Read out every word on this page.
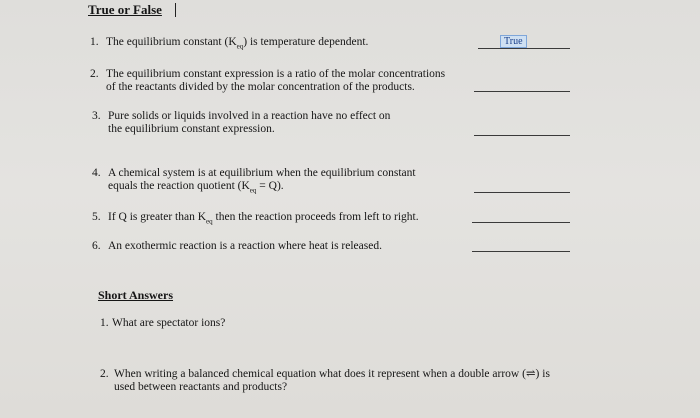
True or False
1. The equilibrium constant $(K_{eq})$ is temperature dependent.	True
2. The equilibrium constant expression is a ratio of the molar concentrations
of the reactants divided by the molar concentration of the products.
3. Pure solids or liquids involved in a reaction have no effect on
the equilibrium constant expression.
4. A chemical system is at equilibrium when the equilibrium constant
equals the reaction quotient $(K_{eq} = Q)$.
5. If Q is greater than $K_{eq}$ then the reaction proceeds from left to right.
6. An exothermic reaction is a reaction where heat is released.
Short Answers
1. What are spectator ions?
2. When writing a balanced chemical equation what does it represent when a double arrow (⇌) is
used between reactants and products?
